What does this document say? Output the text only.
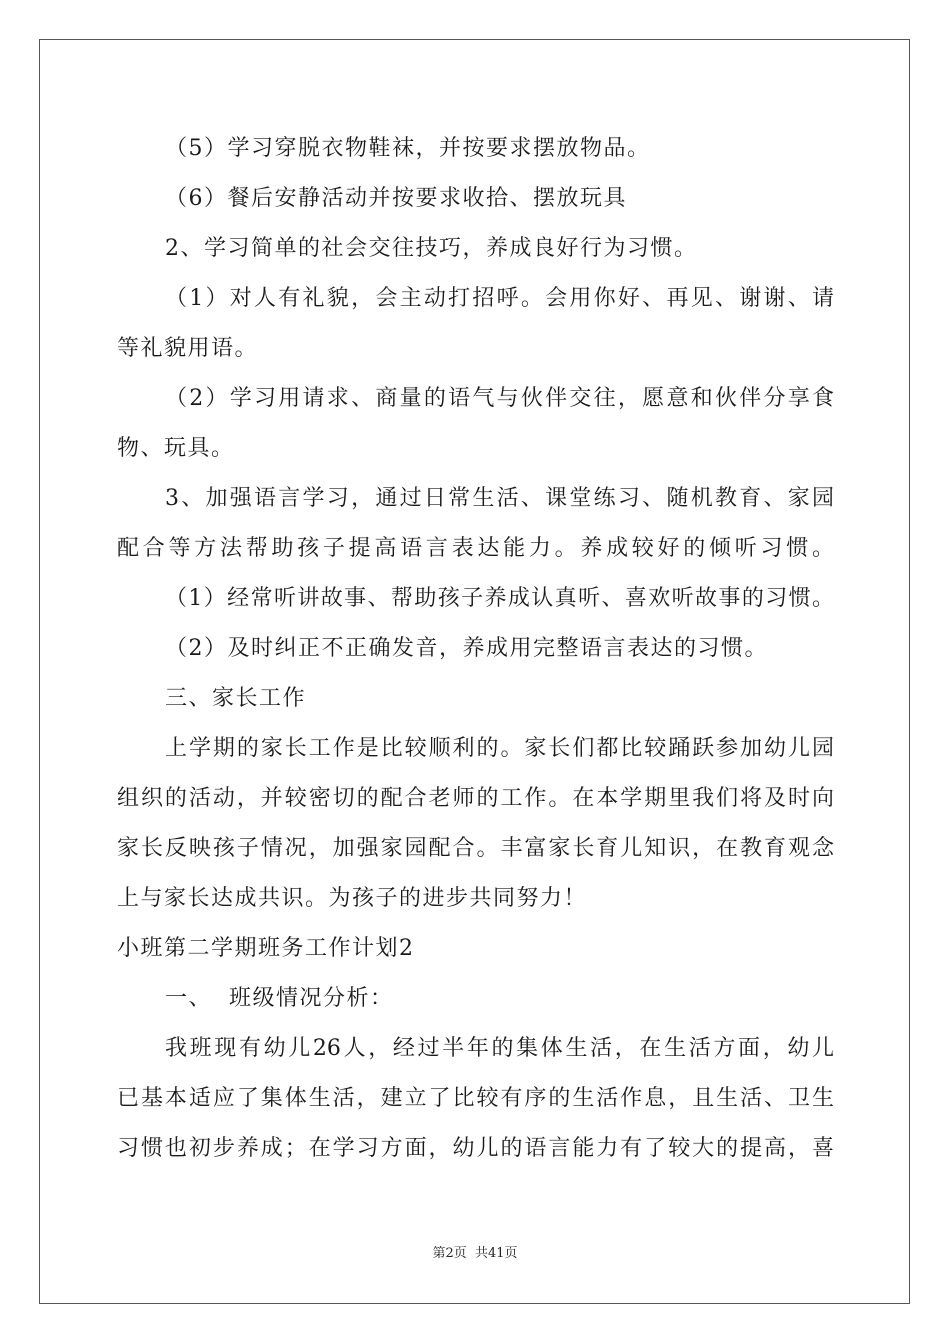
（5）学习穿脱衣物鞋袜，并按要求摆放物品。
（6）餐后安静活动并按要求收拾、摆放玩具
2、学习简单的社会交往技巧，养成良好行为习惯。
（1）对人有礼貌，会主动打招呼。会用你好、再见、谢谢、请
等礼貌用语。
（2）学习用请求、商量的语气与伙伴交往，愿意和伙伴分享食
物、玩具。
3、加强语言学习，通过日常生活、课堂练习、随机教育、家园
配合等方法帮助孩子提高语言表达能力。养成较好的倾听习惯。
（1）经常听讲故事、帮助孩子养成认真听、喜欢听故事的习惯。
（2）及时纠正不正确发音，养成用完整语言表达的习惯。
三、家长工作
上学期的家长工作是比较顺利的。家长们都比较踊跃参加幼儿园
组织的活动，并较密切的配合老师的工作。在本学期里我们将及时向
家长反映孩子情况，加强家园配合。丰富家长育儿知识，在教育观念
上与家长达成共识。为孩子的进步共同努力！
小班第二学期班务工作计划2
一、  班级情况分析：
我班现有幼儿26人，经过半年的集体生活，在生活方面，幼儿
已基本适应了集体生活，建立了比较有序的生活作息，且生活、卫生
习惯也初步养成；在学习方面，幼儿的语言能力有了较大的提高，喜
第2页 共41页
